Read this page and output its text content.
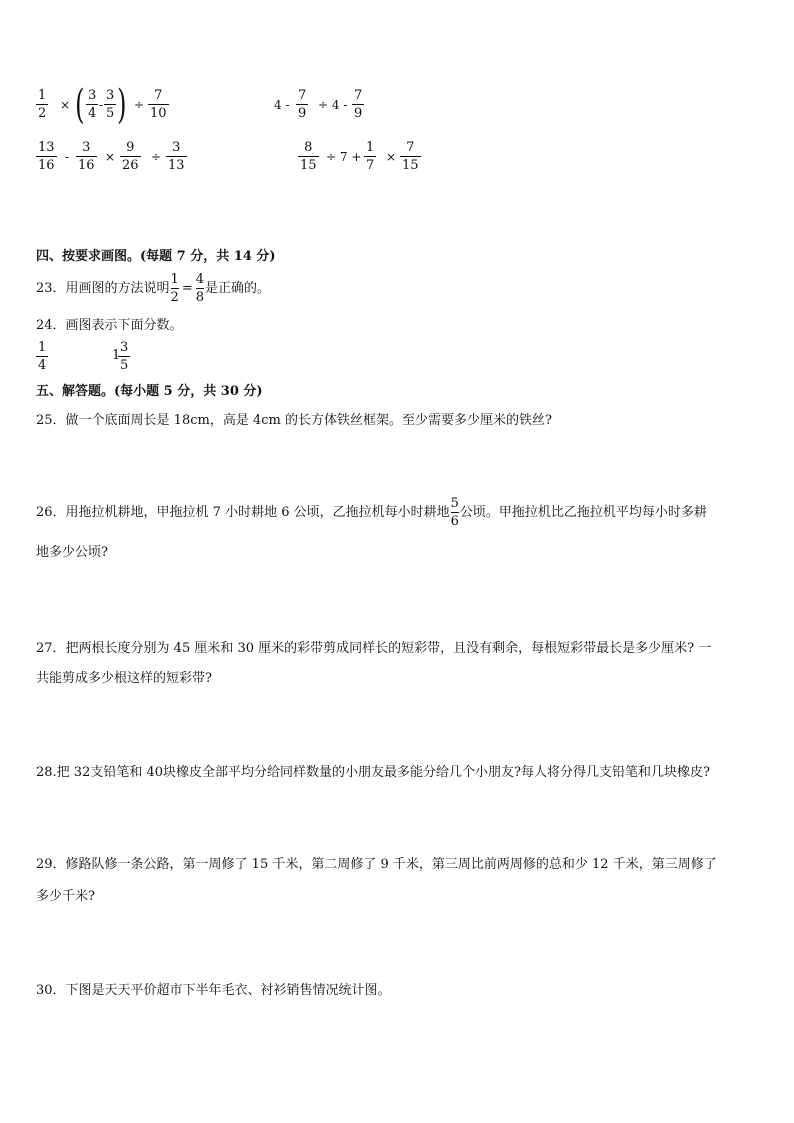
1
2
× ( 3
4
-
3
5 ) ÷
7
10
4 -
7
9
÷ 4 -
7
9
13
16
-
3
16
×
9
26
÷
3
13
8
15
÷ 7 +
1
7
×
7
15
四、按要求画图。(每题 7 分，共 14 分)
23．用画图的方法说明 $\frac{1}{2} = \frac{4}{8}$ 是正确的。
24．画图表示下面分数。
1
4
1
3
5
五、解答题。(每小题 5 分，共 30 分)
25．做一个底面周长是 18cm，高是 4cm 的长方体铁丝框架。至少需要多少厘米的铁丝?
26．用拖拉机耕地，甲拖拉机 7 小时耕地 6 公顷，乙拖拉机每小时耕地 $\frac{5}{6}$ 公顷。甲拖拉机比乙拖拉机平均每小时多耕
地多少公顷?
27．把两根长度分别为 45 厘米和 30 厘米的彩带剪成同样长的短彩带，且没有剩余，每根短彩带最长是多少厘米? 一
共能剪成多少根这样的短彩带?
28.把 32支铅笔和 40块橡皮全部平均分给同样数量的小朋友最多能分给几个小朋友?每人将分得几支铅笔和几块橡皮?
29．修路队修一条公路，第一周修了 15 千米，第二周修了 9 千米，第三周比前两周修的总和少 12 千米，第三周修了
多少千米?
30．下图是天天平价超市下半年毛衣、衬衫销售情况统计图。
